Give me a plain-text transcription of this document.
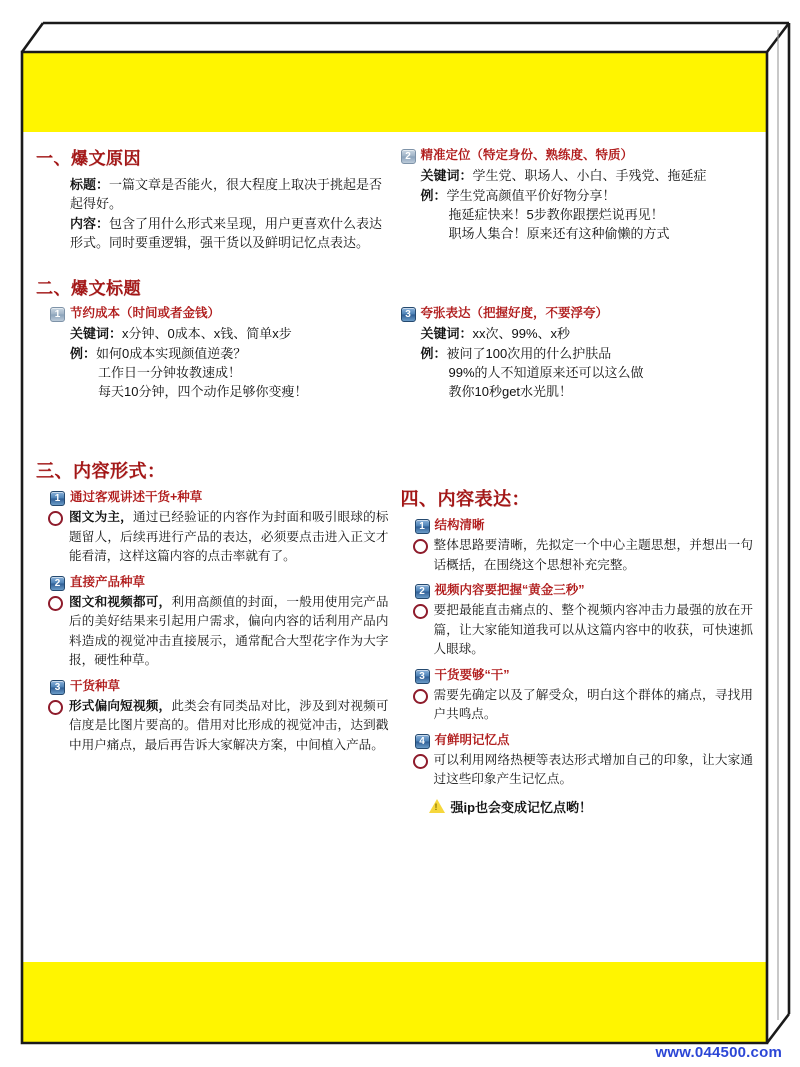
一、爆文原因
标题：一篇文章是否能火，很大程度上取决于挑起是否起得好。
内容：包含了用什么形式来呈现，用户更喜欢什么表达形式。同时要重逻辑，强干货以及鲜明记忆点表达。
二、爆文标题
1 节约成本（时间或者金钱）
关键词：x分钟、0成本、x钱、简单x步
例：如何0成本实现颜值逆袭？
工作日一分钟妆教速成！
每天10分钟，四个动作足够你变瘦！
三、内容形式：
1 通过客观讲述干货+种草
图文为主，通过已经验证的内容作为封面和吸引眼球的标题留人，后续再进行产品的表达，必须要点击进入正文才能看清，这样这篇内容的点击率就有了。
2 直接产品种草
图文和视频都可，利用高颜值的封面，一般用使用完产品后的美好结果来引起用户需求，偏向内容的话利用产品内料造成的视觉冲击直接展示，通常配合大型花字作为大字报，硬性种草。
3 干货种草
形式偏向短视频，此类会有同类品对比，涉及到对视频可信度是比图片要高的。借用对比形成的视觉冲击，达到戳中用户痛点，最后再告诉大家解决方案，中间植入产品。
2 精准定位（特定身份、熟练度、特质）
关键词：学生党、职场人、小白、手残党、拖延症
例：学生党高颜值平价好物分享！
拖延症快来！5步教你跟摆烂说再见！
职场人集合！原来还有这种偷懒的方式
3 夸张表达（把握好度，不要浮夸）
关键词：xx次、99%、x秒
例：被问了100次用的什么护肤品
99%的人不知道原来还可以这么做
教你10秒get水光肌！
四、内容表达：
1 结构清晰
整体思路要清晰，先拟定一个中心主题思想，并想出一句话概括，在围绕这个思想补充完整。
2 视频内容要把握“黄金三秒”
要把最能直击痛点的、整个视频内容冲击力最强的放在开篇，让大家能知道我可以从这篇内容中的收获，可快速抓人眼球。
3 干货要够“干”
需要先确定以及了解受众，明白这个群体的痛点，寻找用户共鸣点。
4 有鲜明记忆点
可以利用网络热梗等表达形式增加自己的印象，让大家通过这些印象产生记忆点。
!
强ip也会变成记忆点哟！
www.044500.com
